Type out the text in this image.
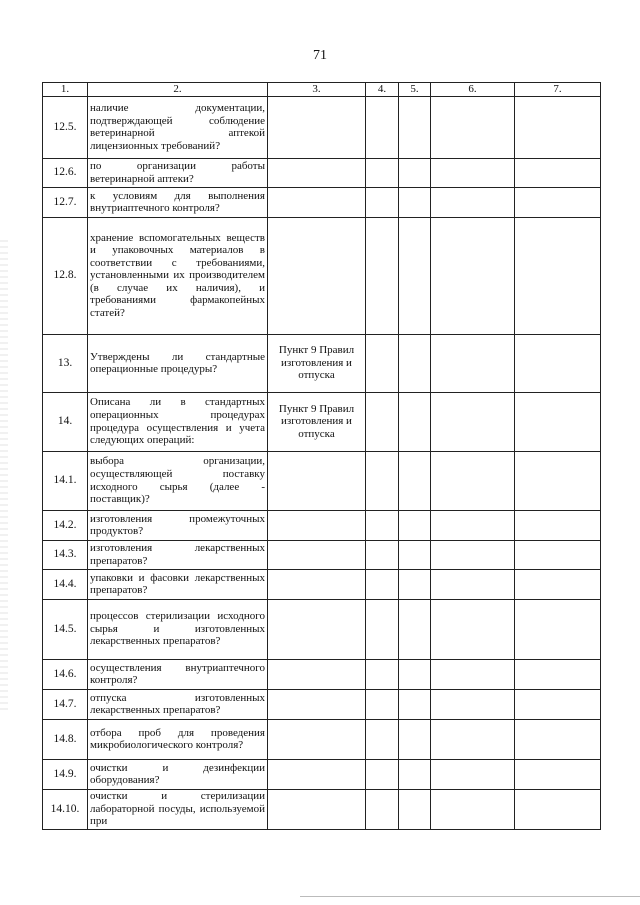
71
1.	2.	3.	4.	5.	6.	7.
12.5.	наличие документации, подтверждающей соблюдение ветеринарной аптекой лицензионных требований?					
12.6.	по организации работы ветеринарной аптеки?					
12.7.	к условиям для выполнения внутриаптечного контроля?					
12.8.	хранение вспомогательных веществ и упаковочных материалов в соответствии с требованиями, установленными их производителем (в случае их наличия), и требованиями фармакопейных статей?					
13.	Утверждены ли стандартные операционные процедуры?	Пункт 9 Правил изготовления и отпуска				
14.	Описана ли в стандартных операционных процедурах процедура осуществления и учета следующих операций:	Пункт 9 Правил изготовления и отпуска				
14.1.	выбора организации, осуществляющей поставку исходного сырья (далее - поставщик)?					
14.2.	изготовления промежуточных продуктов?					
14.3.	изготовления лекарственных препаратов?					
14.4.	упаковки и фасовки лекарственных препаратов?					
14.5.	процессов стерилизации исходного сырья и изготовленных лекарственных препаратов?					
14.6.	осуществления внутриаптечного контроля?					
14.7.	отпуска изготовленных лекарственных препаратов?					
14.8.	отбора проб для проведения микробиологического контроля?					
14.9.	очистки и дезинфекции оборудования?					
14.10.	очистки и стерилизации лабораторной посуды, используемой при					
